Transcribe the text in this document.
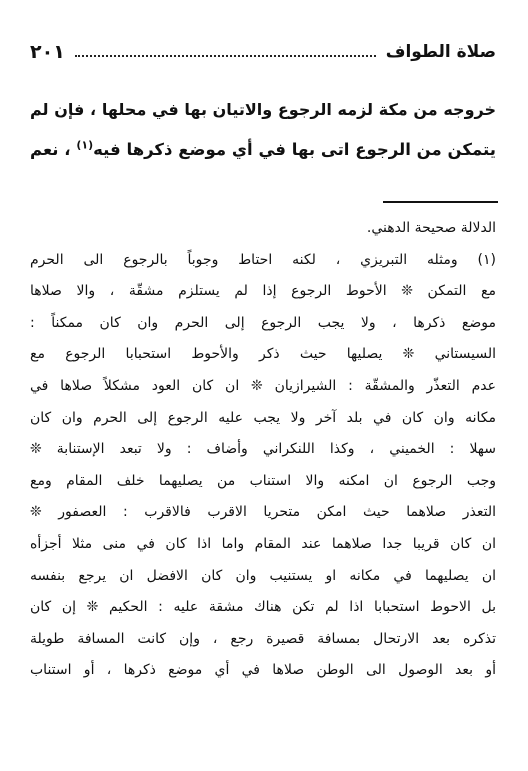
صلاة الطواف
٢٠١
خروجه من مكة لزمه الرجوع والاتيان بها في محلها ، فإن لم
يتمكن من الرجوع اتى بها في أي موضع ذكرها فيه$^{(١)}$ ، نعم
الدلالة صحيحة الدهني.
(١) ومثله التبريزي ، لكنه احتاط وجوباً بالرجوع الى الحرم
مع التمكن ❊ الأحوط الرجوع إذا لم يستلزم مشقّة ، والا صلاها
موضع ذكرها ، ولا يجب الرجوع إلى الحرم وان كان ممكناً :
السيستاني ❊ يصليها حيث ذكر والأحوط استحبابا الرجوع مع
عدم التعذّر والمشقّة : الشيرازيان ❊ ان كان العود مشكلاً صلاها في
مكانه وان كان في بلد آخر ولا يجب عليه الرجوع إلى الحرم وان كان
سهلا : الخميني ، وكذا اللنكراني وأضاف : ولا تبعد الإستنابة ❊
وجب الرجوع ان امكنه والا استناب من يصليهما خلف المقام ومع
التعذر صلاهما حيث امكن متحريا الاقرب فالاقرب : العصفور ❊
ان كان قريبا جدا صلاهما عند المقام واما اذا كان في منى مثلا أجزأه
ان يصليهما في مكانه او يستنيب وان كان الافضل ان يرجع بنفسه
بل الاحوط استحبابا اذا لم تكن هناك مشقة عليه : الحكيم ❊ إن كان
تذكره بعد الارتحال بمسافة قصيرة رجع ، وإن كانت المسافة طويلة
أو بعد الوصول الى الوطن صلاها في أي موضع ذكرها ، أو استناب
